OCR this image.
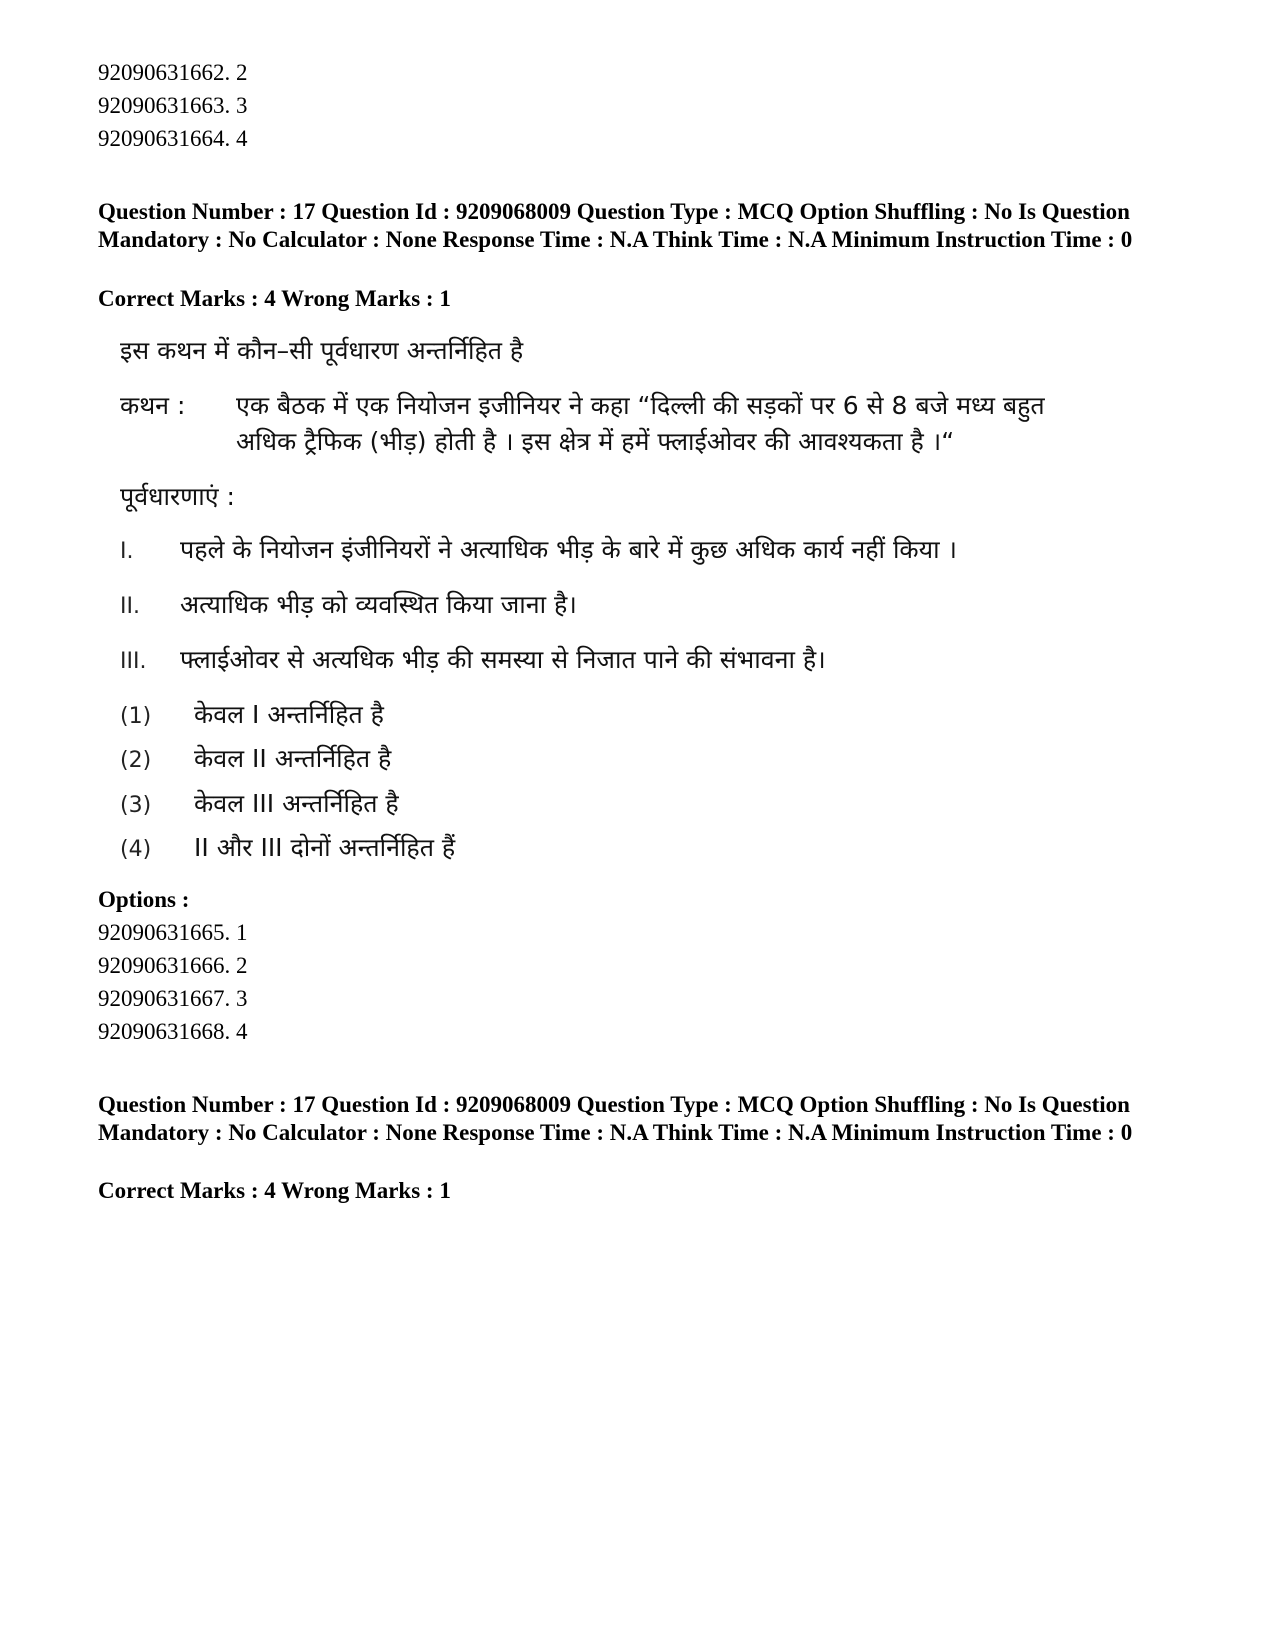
92090631662. 2
92090631663. 3
92090631664. 4
Question Number : 17 Question Id : 9209068009 Question Type : MCQ Option Shuffling : No Is Question Mandatory : No Calculator : None Response Time : N.A Think Time : N.A Minimum Instruction Time : 0
Correct Marks : 4 Wrong Marks : 1
इस कथन में कौन–सी पूर्वधारण अन्तर्निहित है
कथन : एक बैठक में एक नियोजन इजीनियर ने कहा “दिल्ली की सड़कों पर 6 से 8 बजे मध्य बहुत अधिक ट्रैफिक (भीड़) होती है । इस क्षेत्र में हमें फ्लाईओवर की आवश्यकता है ।“
पूर्वधारणाएं :
I. पहले के नियोजन इंजीनियरों ने अत्याधिक भीड़ के बारे में कुछ अधिक कार्य नहीं किया ।
II. अत्याधिक भीड़ को व्यवस्थित किया जाना है।
III. फ्लाईओवर से अत्यधिक भीड़ की समस्या से निजात पाने की संभावना है।
(1) केवल I अन्तर्निहित है
(2) केवल II अन्तर्निहित है
(3) केवल III अन्तर्निहित है
(4) II और III दोनों अन्तर्निहित हैं
Options :
92090631665. 1
92090631666. 2
92090631667. 3
92090631668. 4
Question Number : 17 Question Id : 9209068009 Question Type : MCQ Option Shuffling : No Is Question Mandatory : No Calculator : None Response Time : N.A Think Time : N.A Minimum Instruction Time : 0
Correct Marks : 4 Wrong Marks : 1
